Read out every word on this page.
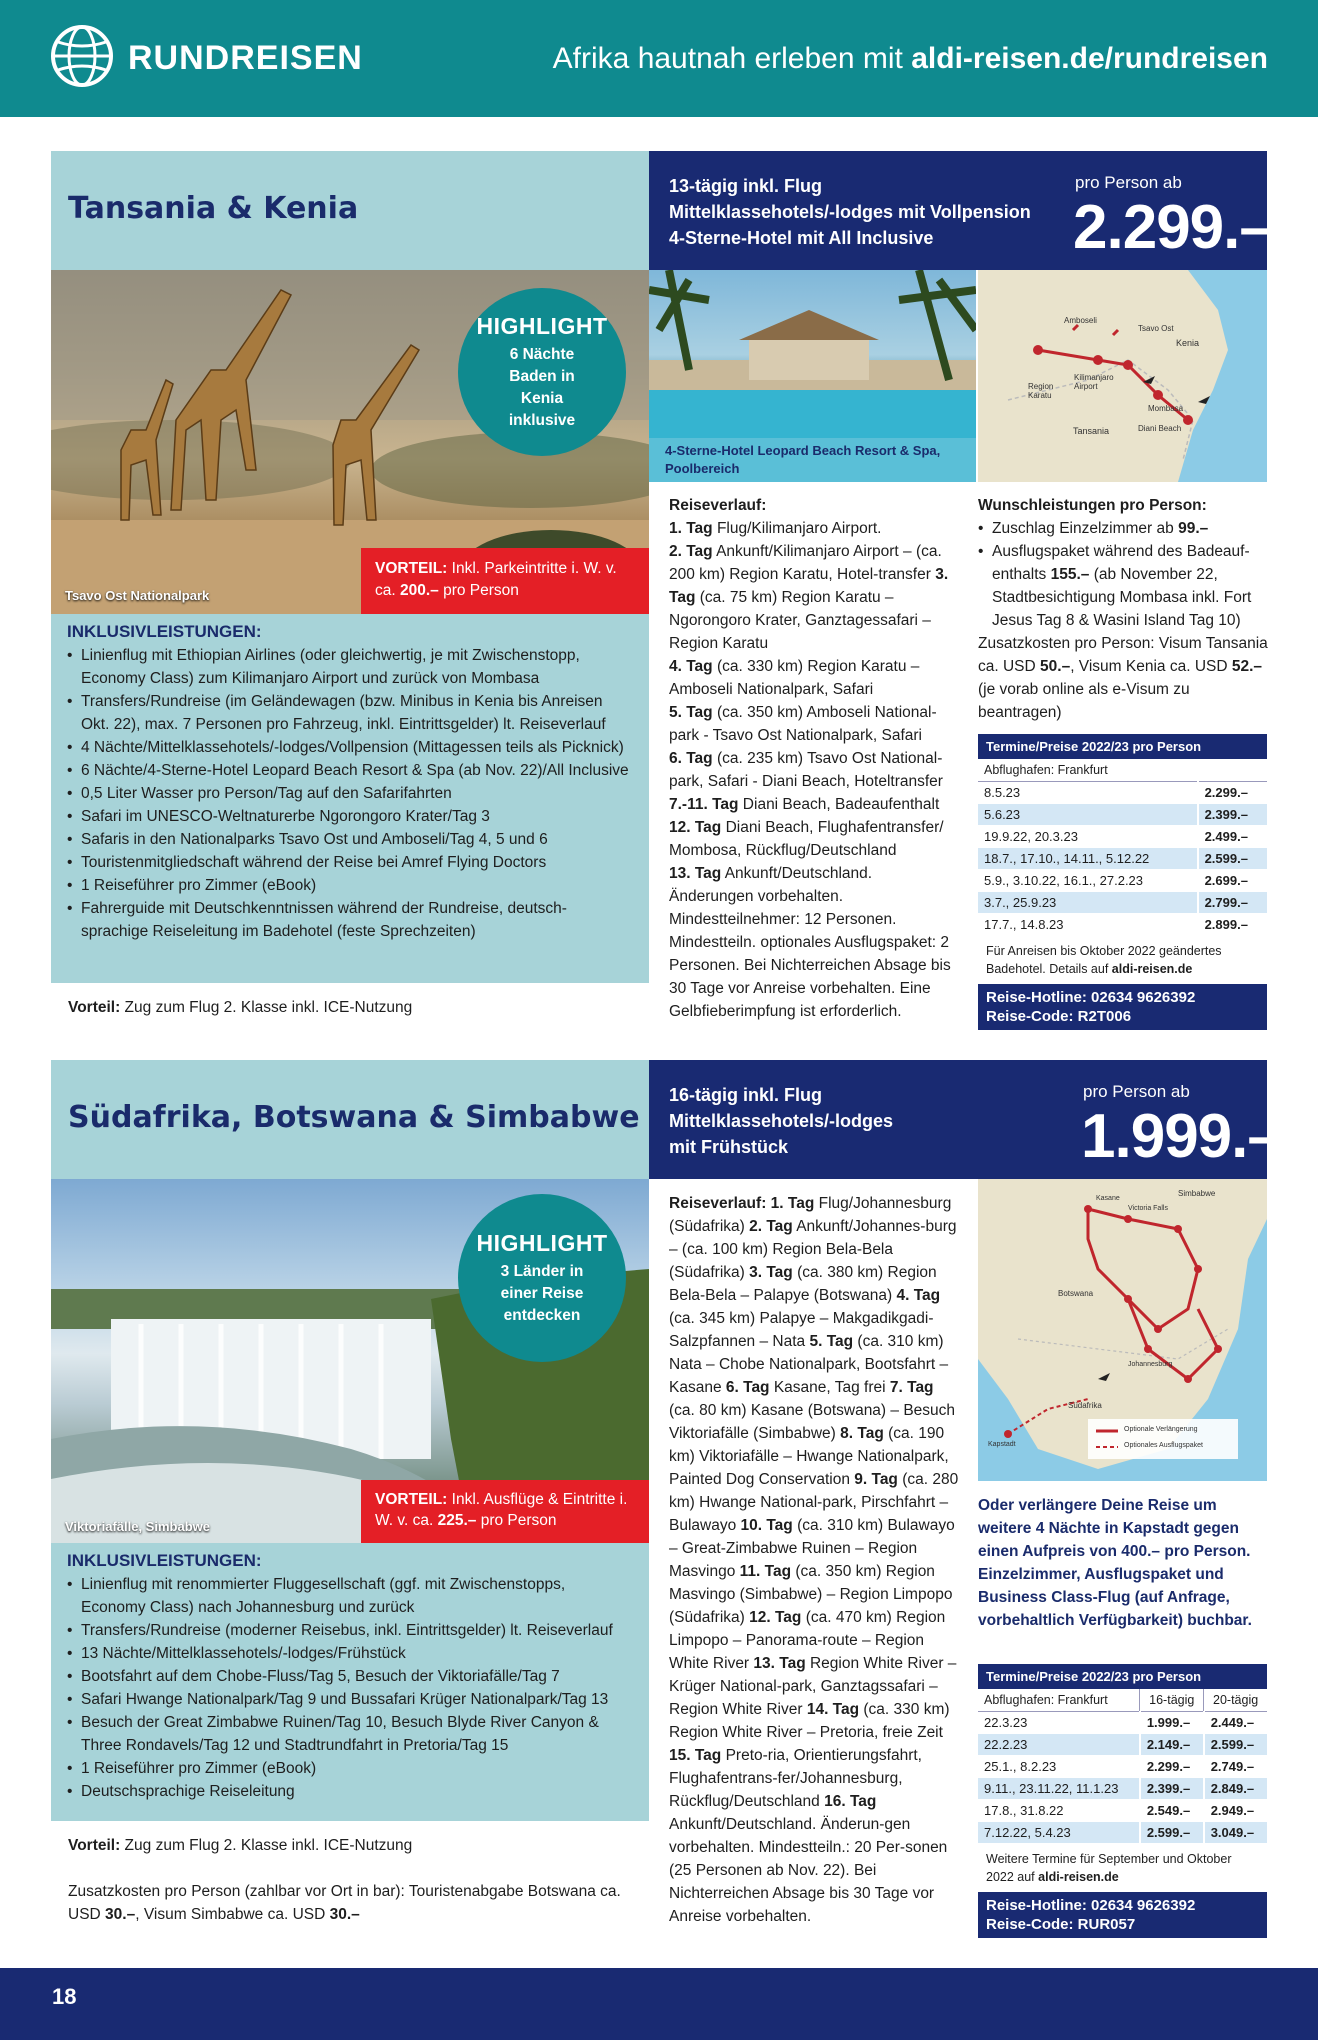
RUNDREISEN	Afrika hautnah erleben mit aldi-reisen.de/rundreisen
Tansania & Kenia
13-tägig inkl. Flug
Mittelklassehotels/-lodges mit Vollpension
4-Sterne-Hotel mit All Inclusive
pro Person ab
2.299.–
Tsavo Ost Nationalpark
HIGHLIGHT
6 Nächte Baden in Kenia inklusive
VORTEIL: Inkl. Parkeintritte i. W. v. ca. 200.– pro Person
4-Sterne-Hotel Leopard Beach Resort & Spa, Poolbereich
Kenia
Tansania
Kilimanjaro Airport
Region Karatu
Mombasa
Diani Beach
Tsavo Ost
Amboseli
INKLUSIVLEISTUNGEN:
• Linienflug mit Ethiopian Airlines (oder gleichwertig, je mit Zwischenstopp, Economy Class) zum Kilimanjaro Airport und zurück von Mombasa
• Transfers/Rundreise (im Geländewagen (bzw. Minibus in Kenia bis Anreisen Okt. 22), max. 7 Personen pro Fahrzeug, inkl. Eintrittsgelder) lt. Reiseverlauf
• 4 Nächte/Mittelklassehotels/-lodges/Vollpension (Mittagessen teils als Picknick)
• 6 Nächte/4-Sterne-Hotel Leopard Beach Resort & Spa (ab Nov. 22)/All Inclusive
• 0,5 Liter Wasser pro Person/Tag auf den Safarifahrten
• Safari im UNESCO-Weltnaturerbe Ngorongoro Krater/Tag 3
• Safaris in den Nationalparks Tsavo Ost und Amboseli/Tag 4, 5 und 6
• Touristenmitgliedschaft während der Reise bei Amref Flying Doctors
• 1 Reiseführer pro Zimmer (eBook)
• Fahrerguide mit Deutschkenntnissen während der Rundreise, deutsch-sprachige Reiseleitung im Badehotel (feste Sprechzeiten)
Vorteil: Zug zum Flug 2. Klasse inkl. ICE-Nutzung
Reiseverlauf:
1. Tag Flug/Kilimanjaro Airport.
2. Tag Ankunft/Kilimanjaro Airport – (ca. 200 km) Region Karatu, Hotel-transfer 3. Tag (ca. 75 km) Region Karatu – Ngorongoro Krater, Ganztagessafari – Region Karatu
4. Tag (ca. 330 km) Region Karatu – Amboseli Nationalpark, Safari
5. Tag (ca. 350 km) Amboseli National-park - Tsavo Ost Nationalpark, Safari
6. Tag (ca. 235 km) Tsavo Ost National-park, Safari - Diani Beach, Hoteltransfer
7.-11. Tag Diani Beach, Badeaufenthalt
12. Tag Diani Beach, Flughafentransfer/ Mombosa, Rückflug/Deutschland
13. Tag Ankunft/Deutschland. Änderungen vorbehalten. Mindestteilnehmer: 12 Personen. Mindestteiln. optionales Ausflugspaket: 2 Personen. Bei Nichterreichen Absage bis 30 Tage vor Anreise vorbehalten. Eine Gelbfieberimpfung ist erforderlich.
Wunschleistungen pro Person:
• Zuschlag Einzelzimmer ab 99.–
• Ausflugspaket während des Badeauf-enthalts 155.– (ab November 22, Stadtbesichtigung Mombasa inkl. Fort Jesus Tag 8 & Wasini Island Tag 10)
Zusatzkosten pro Person: Visum Tansania ca. USD 50.–, Visum Kenia ca. USD 52.– (je vorab online als e-Visum zu beantragen)
Termine/Preise 2022/23 pro Person
Abflughafen: Frankfurt	
8.5.23	2.299.–
5.6.23	2.399.–
19.9.22, 20.3.23	2.499.–
18.7., 17.10., 14.11., 5.12.22	2.599.–
5.9., 3.10.22, 16.1., 27.2.23	2.699.–
3.7., 25.9.23	2.799.–
17.7., 14.8.23	2.899.–
Für Anreisen bis Oktober 2022 geändertes Badehotel. Details auf aldi-reisen.de
Reise-Hotline: 02634 9626392
Reise-Code: R2T006
Südafrika, Botswana & Simbabwe
16-tägig inkl. Flug
Mittelklassehotels/-lodges
mit Frühstück
pro Person ab
1.999.–
Viktoriafälle, Simbabwe
HIGHLIGHT
3 Länder in einer Reise entdecken
VORTEIL: Inkl. Ausflüge & Eintritte i. W. v. ca. 225.– pro Person
INKLUSIVLEISTUNGEN:
• Linienflug mit renommierter Fluggesellschaft (ggf. mit Zwischenstopps, Economy Class) nach Johannesburg und zurück
• Transfers/Rundreise (moderner Reisebus, inkl. Eintrittsgelder) lt. Reiseverlauf
• 13 Nächte/Mittelklassehotels/-lodges/Frühstück
• Bootsfahrt auf dem Chobe-Fluss/Tag 5, Besuch der Viktoriafälle/Tag 7
• Safari Hwange Nationalpark/Tag 9 und Bussafari Krüger Nationalpark/Tag 13
• Besuch der Great Zimbabwe Ruinen/Tag 10, Besuch Blyde River Canyon & Three Rondavels/Tag 12 und Stadtrundfahrt in Pretoria/Tag 15
• 1 Reiseführer pro Zimmer (eBook)
• Deutschsprachige Reiseleitung
Vorteil: Zug zum Flug 2. Klasse inkl. ICE-Nutzung
Zusatzkosten pro Person (zahlbar vor Ort in bar): Touristenabgabe Botswana ca. USD 30.–, Visum Simbabwe ca. USD 30.–
Reiseverlauf: 1. Tag Flug/Johannesburg (Südafrika) 2. Tag Ankunft/Johannes-burg – (ca. 100 km) Region Bela-Bela (Südafrika) 3. Tag (ca. 380 km) Region Bela-Bela – Palapye (Botswana) 4. Tag (ca. 345 km) Palapye – Makgadikgadi-Salzpfannen – Nata 5. Tag (ca. 310 km) Nata – Chobe Nationalpark, Bootsfahrt – Kasane 6. Tag Kasane, Tag frei 7. Tag (ca. 80 km) Kasane (Botswana) – Besuch Viktoriafälle (Simbabwe) 8. Tag (ca. 190 km) Viktoriafälle – Hwange Nationalpark, Painted Dog Conservation 9. Tag (ca. 280 km) Hwange National-park, Pirschfahrt – Bulawayo 10. Tag (ca. 310 km) Bulawayo – Great-Zimbabwe Ruinen – Region Masvingo 11. Tag (ca. 350 km) Region Masvingo (Simbabwe) – Region Limpopo (Südafrika) 12. Tag (ca. 470 km) Region Limpopo – Panorama-route – Region White River 13. Tag Region White River – Krüger National-park, Ganztagssafari – Region White River 14. Tag (ca. 330 km) Region White River – Pretoria, freie Zeit 15. Tag Preto-ria, Orientierungsfahrt, Flughafentrans-fer/Johannesburg, Rückflug/Deutschland 16. Tag Ankunft/Deutschland. Änderun-gen vorbehalten. Mindestteiln.: 20 Per-sonen (25 Personen ab Nov. 22). Bei Nichterreichen Absage bis 30 Tage vor Anreise vorbehalten.
Simbabwe
Botswana
Südafrika
Kasane
Victoria Falls
Johannesburg
Kapstadt
Optionale Verlängerung
Optionales Ausflugspaket
Oder verlängere Deine Reise um weitere 4 Nächte in Kapstadt gegen einen Aufpreis von 400.– pro Person. Einzelzimmer, Ausflugspaket und Business Class-Flug (auf Anfrage, vorbehaltlich Verfügbarkeit) buchbar.
Termine/Preise 2022/23 pro Person
Abflughafen: Frankfurt	16-tägig	20-tägig
22.3.23	1.999.–	2.449.–
22.2.23	2.149.–	2.599.–
25.1., 8.2.23	2.299.–	2.749.–
9.11., 23.11.22, 11.1.23	2.399.–	2.849.–
17.8., 31.8.22	2.549.–	2.949.–
7.12.22, 5.4.23	2.599.–	3.049.–
Weitere Termine für September und Oktober 2022 auf aldi-reisen.de
Reise-Hotline: 02634 9626392
Reise-Code: RUR057
18
